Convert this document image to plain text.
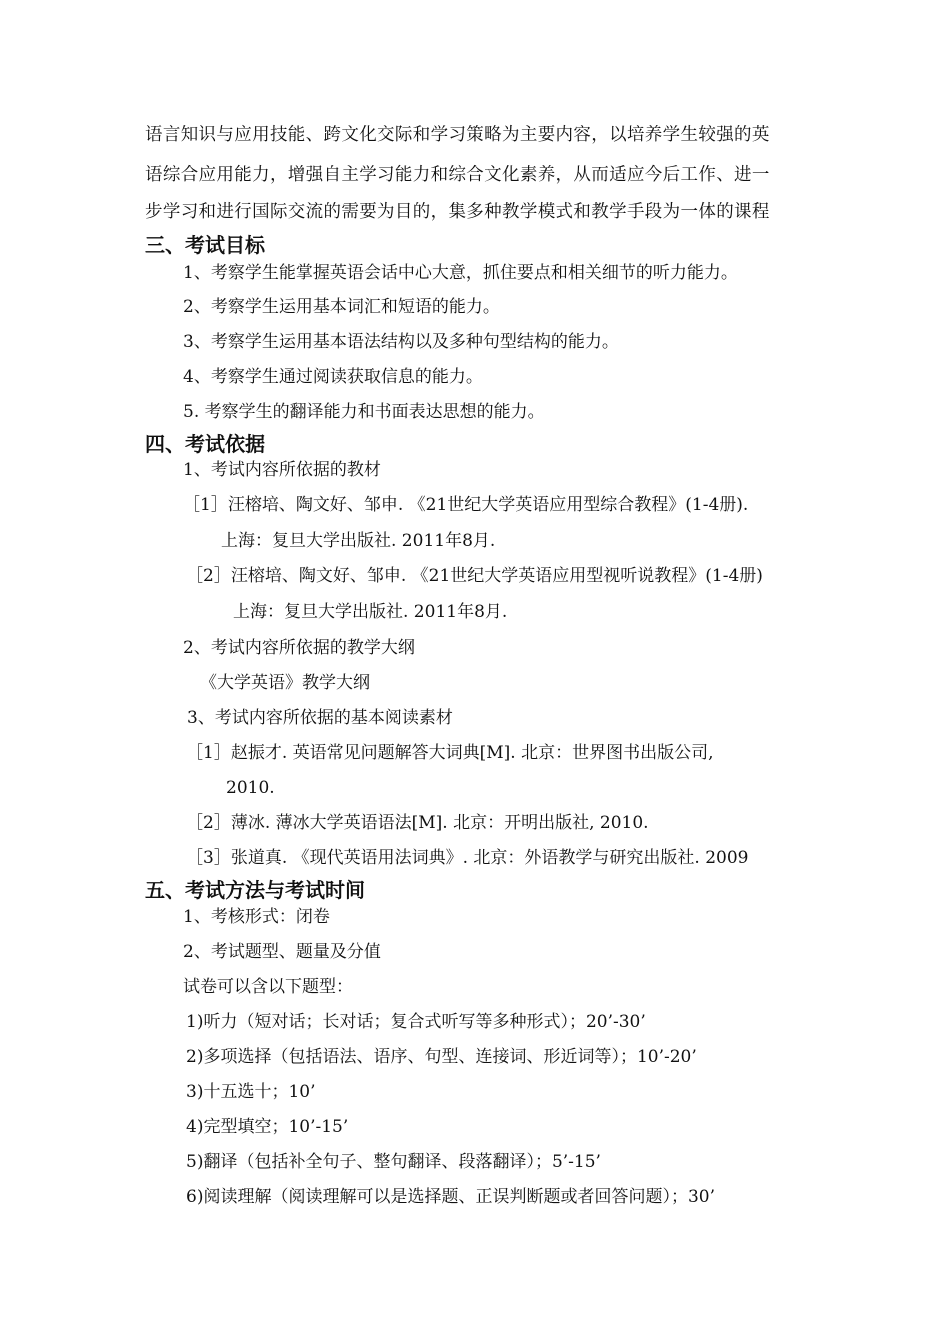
语言知识与应用技能、跨文化交际和学习策略为主要内容，以培养学生较强的英
语综合应用能力，增强自主学习能力和综合文化素养，从而适应今后工作、进一
步学习和进行国际交流的需要为目的，集多种教学模式和教学手段为一体的课程
三、考试目标
1、考察学生能掌握英语会话中心大意，抓住要点和相关细节的听力能力。
2、考察学生运用基本词汇和短语的能力。
3、考察学生运用基本语法结构以及多种句型结构的能力。
4、考察学生通过阅读获取信息的能力。
5. 考察学生的翻译能力和书面表达思想的能力。
四、考试依据
1、考试内容所依据的教材
［1］汪榕培、陶文好、邹申. 《21世纪大学英语应用型综合教程》(1-4册).
上海：复旦大学出版社. 2011年8月.
［2］汪榕培、陶文好、邹申. 《21世纪大学英语应用型视听说教程》(1-4册)
上海：复旦大学出版社. 2011年8月.
2、考试内容所依据的教学大纲
《大学英语》教学大纲
3、考试内容所依据的基本阅读素材
［1］赵振才. 英语常见问题解答大词典[M]. 北京：世界图书出版公司,
2010.
［2］薄冰. 薄冰大学英语语法[M]. 北京：开明出版社, 2010.
［3］张道真. 《现代英语用法词典》. 北京：外语教学与研究出版社. 2009
五、考试方法与考试时间
1、考核形式：闭卷
2、考试题型、题量及分值
试卷可以含以下题型：
1)听力（短对话；长对话；复合式听写等多种形式）；20’-30’
2)多项选择（包括语法、语序、句型、连接词、形近词等）；10’-20’
3)十五选十；10’
4)完型填空；10’-15’
5)翻译（包括补全句子、整句翻译、段落翻译）；5’-15’
6)阅读理解（阅读理解可以是选择题、正误判断题或者回答问题）；30’
